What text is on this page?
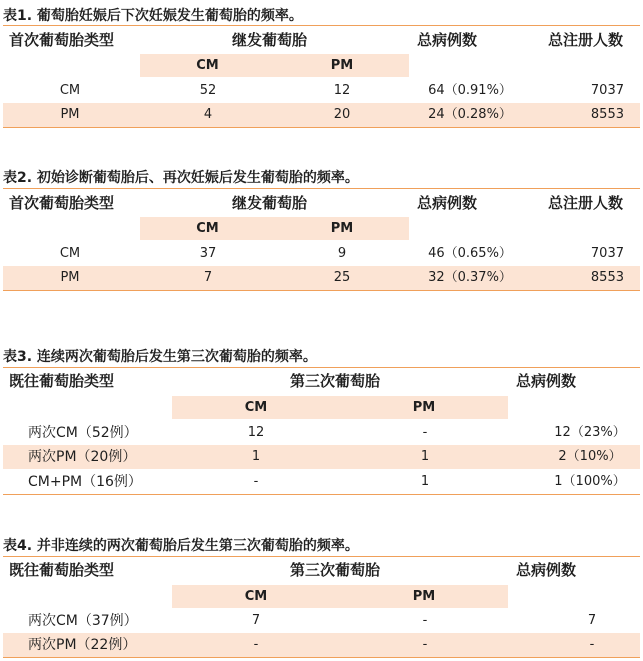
表1. 葡萄胎妊娠后下次妊娠发生葡萄胎的频率。
首次葡萄胎类型	继发葡萄胎	总病例数	总注册人数
CM	PM
CM	52	12	64（0.91%）	7037
PM	4	20	24（0.28%）	8553
表2. 初始诊断葡萄胎后、再次妊娠后发生葡萄胎的频率。
首次葡萄胎类型	继发葡萄胎	总病例数	总注册人数
CM	PM
CM	37	9	46（0.65%）	7037
PM	7	25	32（0.37%）	8553
表3. 连续两次葡萄胎后发生第三次葡萄胎的频率。
既往葡萄胎类型	第三次葡萄胎	总病例数
CM	PM
两次CM（52例）	12	-	12（23%）
两次PM（20例）	1	1	2（10%）
CM+PM（16例）	-	1	1（100%）
表4. 并非连续的两次葡萄胎后发生第三次葡萄胎的频率。
既往葡萄胎类型	第三次葡萄胎	总病例数
CM	PM
两次CM（37例）	7	-	7
两次PM（22例）	-	-	-
